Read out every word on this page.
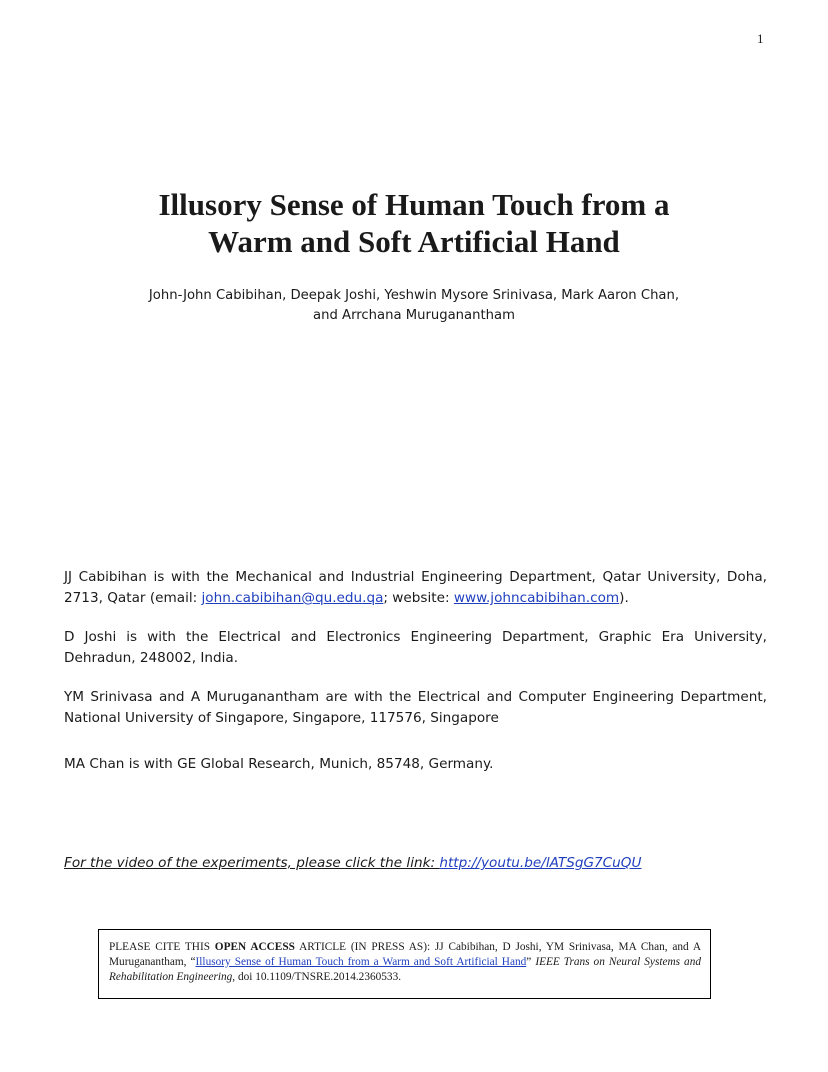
1
Illusory Sense of Human Touch from a
Warm and Soft Artificial Hand
John-John Cabibihan, Deepak Joshi, Yeshwin Mysore Srinivasa, Mark Aaron Chan,
and Arrchana Muruganantham
JJ Cabibihan is with the Mechanical and Industrial Engineering Department, Qatar University, Doha, 2713, Qatar (email: john.cabibihan@qu.edu.qa; website: www.johncabibihan.com).
D Joshi is with the Electrical and Electronics Engineering Department, Graphic Era University, Dehradun, 248002, India.
YM Srinivasa and A Muruganantham are with the Electrical and Computer Engineering Department, National University of Singapore, Singapore, 117576, Singapore
MA Chan is with GE Global Research, Munich, 85748, Germany.
For the video of the experiments, please click the link: http://youtu.be/lATSgG7CuQU
PLEASE CITE THIS OPEN ACCESS ARTICLE (IN PRESS AS): JJ Cabibihan, D Joshi, YM Srinivasa, MA Chan, and A Muruganantham, “Illusory Sense of Human Touch from a Warm and Soft Artificial Hand” IEEE Trans on Neural Systems and Rehabilitation Engineering, doi 10.1109/TNSRE.2014.2360533.
